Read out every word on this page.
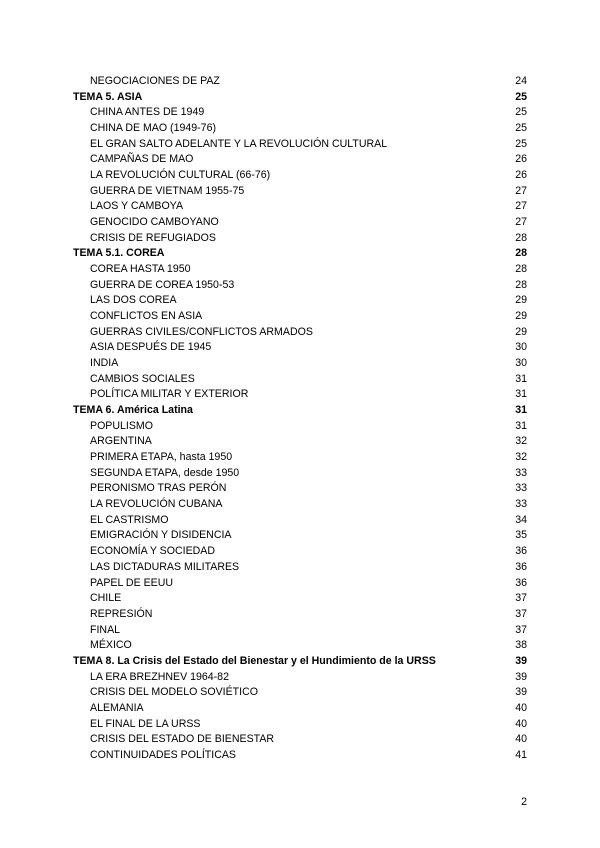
NEGOCIACIONES DE PAZ	24
TEMA 5. ASIA	25
CHINA ANTES DE 1949	25
CHINA DE MAO (1949-76)	25
EL GRAN SALTO ADELANTE Y LA REVOLUCIÓN CULTURAL	25
CAMPAÑAS DE MAO	26
LA REVOLUCIÓN CULTURAL (66-76)	26
GUERRA DE VIETNAM 1955-75	27
LAOS Y CAMBOYA	27
GENOCIDO CAMBOYANO	27
CRISIS DE REFUGIADOS	28
TEMA 5.1. COREA	28
COREA HASTA 1950	28
GUERRA DE COREA 1950-53	28
LAS DOS COREA	29
CONFLICTOS EN ASIA	29
GUERRAS CIVILES/CONFLICTOS ARMADOS	29
ASIA DESPUÉS DE 1945	30
INDIA	30
CAMBIOS SOCIALES	31
POLÍTICA MILITAR Y EXTERIOR	31
TEMA 6. América Latina	31
POPULISMO	31
ARGENTINA	32
PRIMERA ETAPA, hasta 1950	32
SEGUNDA ETAPA, desde 1950	33
PERONISMO TRAS PERÓN	33
LA REVOLUCIÓN CUBANA	33
EL CASTRISMO	34
EMIGRACIÓN Y DISIDENCIA	35
ECONOMÍA Y SOCIEDAD	36
LAS DICTADURAS MILITARES	36
PAPEL DE EEUU	36
CHILE	37
REPRESIÓN	37
FINAL	37
MÉXICO	38
TEMA 8. La Crisis del Estado del Bienestar y el Hundimiento de la URSS	39
LA ERA BREZHNEV 1964-82	39
CRISIS DEL MODELO SOVIÉTICO	39
ALEMANIA	40
EL FINAL DE LA URSS	40
CRISIS DEL ESTADO DE BIENESTAR	40
CONTINUIDADES POLÍTICAS	41
2
